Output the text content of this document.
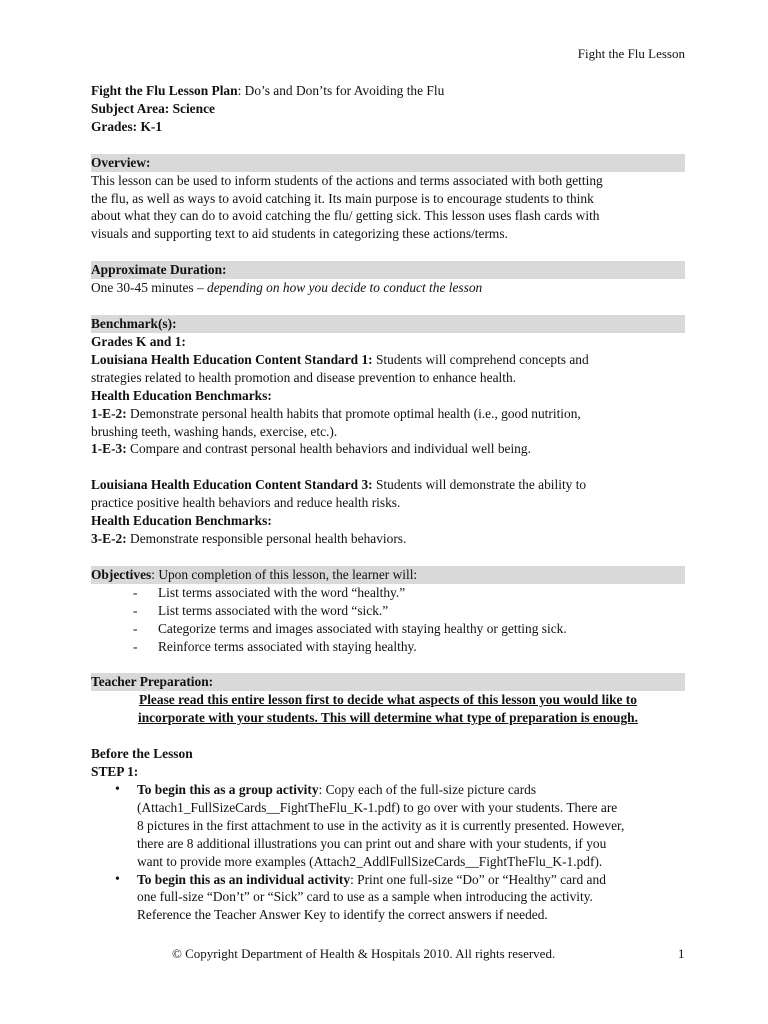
Fight the Flu Lesson

Fight the Flu Lesson Plan: Do’s and Don’ts for Avoiding the Flu

Subject Area: Science

Grades: K-1

Overview:

This lesson can be used to inform students of the actions and terms associated with both getting

the flu, as well as ways to avoid catching it. Its main purpose is to encourage students to think

about what they can do to avoid catching the flu/ getting sick. This lesson uses flash cards with

visuals and supporting text to aid students in categorizing these actions/terms.

Approximate Duration:

One 30-45 minutes – depending on how you decide to conduct the lesson

Benchmark(s):

Grades K and 1:

Louisiana Health Education Content Standard 1: Students will comprehend concepts and

strategies related to health promotion and disease prevention to enhance health.

Health Education Benchmarks:

1-E-2: Demonstrate personal health habits that promote optimal health (i.e., good nutrition,

brushing teeth, washing hands, exercise, etc.).

1-E-3: Compare and contrast personal health behaviors and individual well being.

Louisiana Health Education Content Standard 3: Students will demonstrate the ability to

practice positive health behaviors and reduce health risks.

Health Education Benchmarks:

3-E-2: Demonstrate responsible personal health behaviors.

Objectives: Upon completion of this lesson, the learner will:

- List terms associated with the word “healthy.”
- List terms associated with the word “sick.”
- Categorize terms and images associated with staying healthy or getting sick.
- Reinforce terms associated with staying healthy.

Teacher Preparation:

Please read this entire lesson first to decide what aspects of this lesson you would like to

incorporate with your students. This will determine what type of preparation is enough.

Before the Lesson

STEP 1:

• To begin this as a group activity: Copy each of the full-size picture cards
(Attach1_FullSizeCards__FightTheFlu_K-1.pdf) to go over with your students. There are
8 pictures in the first attachment to use in the activity as it is currently presented. However,
there are 8 additional illustrations you can print out and share with your students, if you
want to provide more examples (Attach2_AddlFullSizeCards__FightTheFlu_K-1.pdf).
• To begin this as an individual activity: Print one full-size “Do” or “Healthy” card and
one full-size “Don’t” or “Sick” card to use as a sample when introducing the activity.
Reference the Teacher Answer Key to identify the correct answers if needed.
© Copyright Department of Health & Hospitals 2010. All rights reserved.	1
